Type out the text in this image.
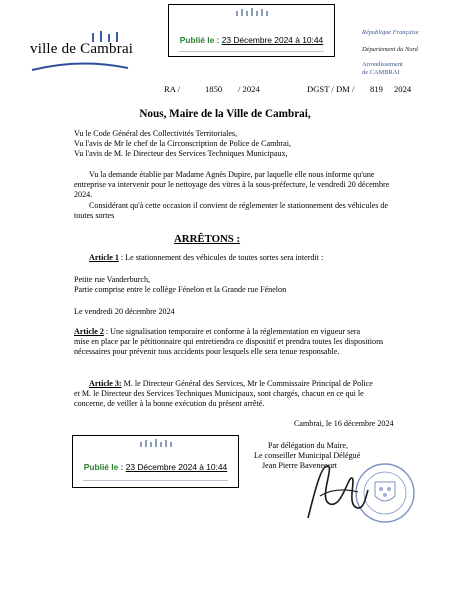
Publié le : 23 Décembre 2024 à 10:44
ville de Cambrai
République Française
Département du Nord
Arrondissement
de CAMBRAI
RA /	1850 / 2024	DGST / DM / 819 2024
Nous, Maire de la Ville de Cambrai,
Vu le Code Général des Collectivités Territoriales,
Vu l'avis de Mr le chef de la Circonscription de Police de Cambrai,
Vu l'avis de M. le Directeur des Services Techniques Municipaux,
Vu la demande établie par Madame Agnès Dupire, par laquelle elle nous informe qu'une
entreprise va intervenir pour le nettoyage des vitres à la sous-préfecture, le vendredi 20 décembre
2024.
Considérant qu'à cette occasion il convient de réglementer le stationnement des véhicules de
toutes sortes
ARRÊTONS :
Article 1 : Le stationnement des véhicules de toutes sortes sera interdit :
Petite rue Vanderburch,
Partie comprise entre le collège Fénelon et la Grande rue Fénelon
Le vendredi 20 décembre 2024
Article 2 : Une signalisation temporaire et conforme à la réglementation en vigueur sera
mise en place par le pétitionnaire qui entretiendra ce dispositif et prendra toutes les dispositions
nécessaires pour prévenir tous accidents pour lesquels elle sera tenue responsable.
Article 3: M. le Directeur Général des Services, Mr le Commissaire Principal de Police
et M. le Directeur des Services Techniques Municipaux, sont chargés, chacun en ce qui le
concerne, de veiller à la bonne exécution du présent arrêté.
Cambrai, le 16 décembre 2024
Par délégation du Maire,
Le conseiller Municipal Délégué
Jean Pierre Baveneourt
Publié le : 23 Décembre 2024 à 10:44
